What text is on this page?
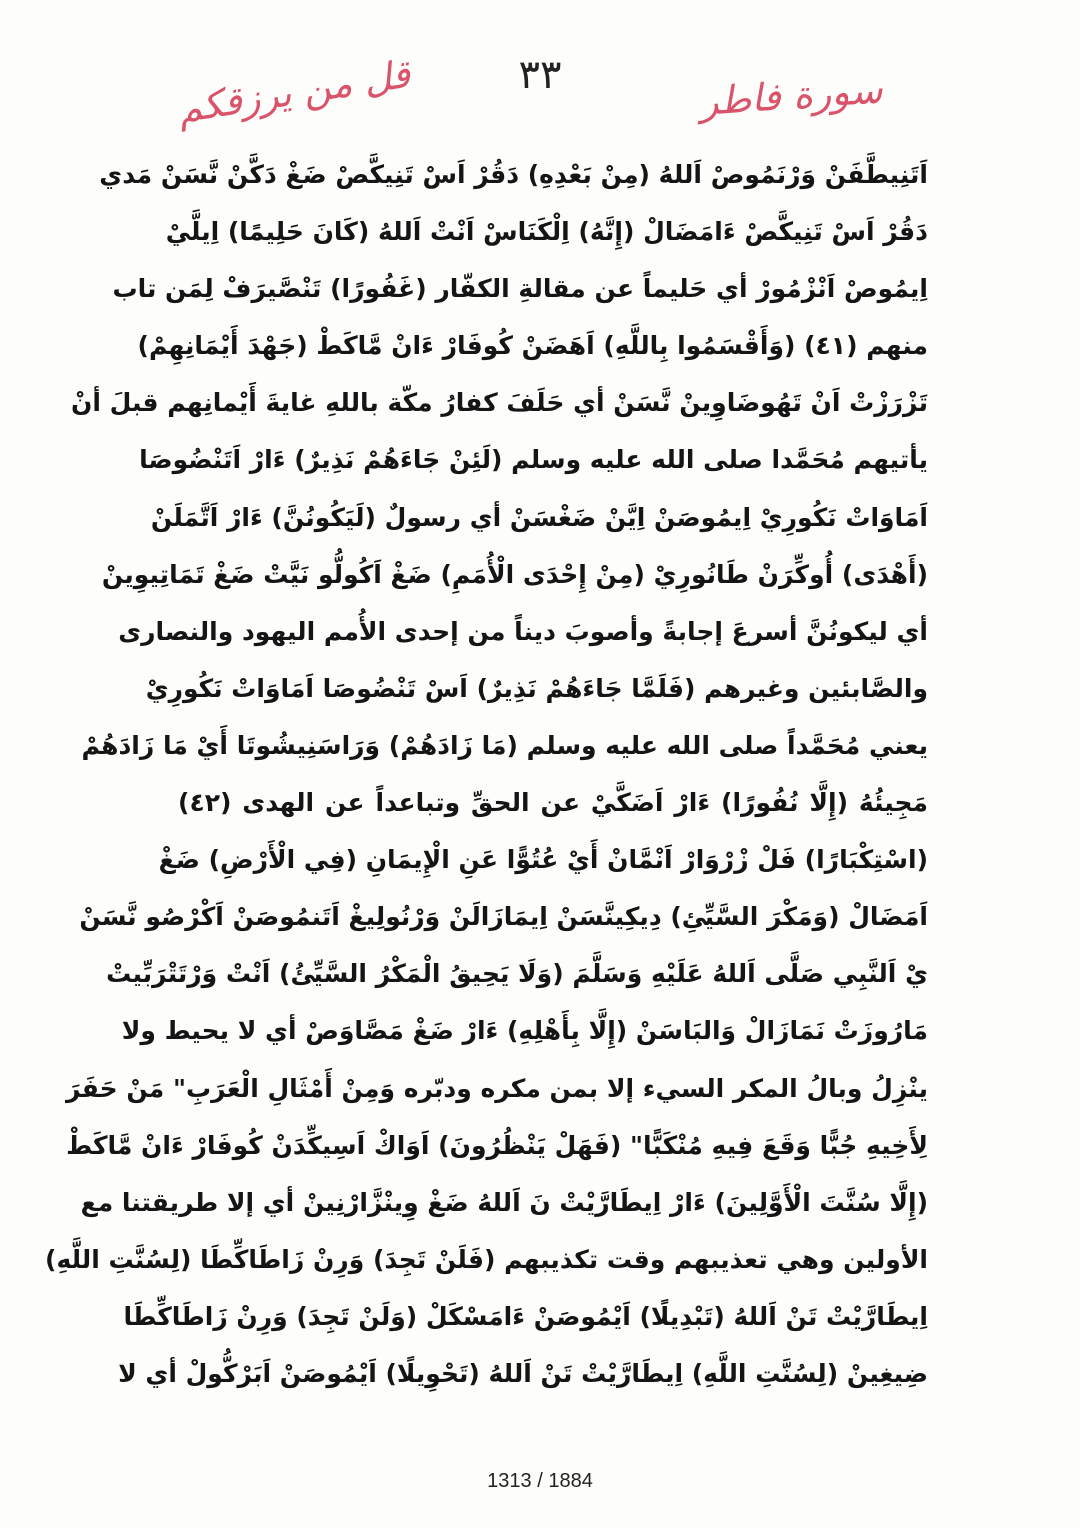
٣٣
قل من يرزقكم	سورة فاطر
اَتَنِيطَّفَنْ وَرْنَمُوصْ اَللهُ (مِنْ بَعْدِهِ) دَقُرْ اَسْ تَنِيكَّصْ ضَغْ دَكَّنْ نَّسَنْ مَدي
دَقُرْ اَسْ تَنِيكَّصْ ءَامَضَالْ (إِنَّهُ) اِلْكَنَاسْ اَنْتْ اَللهُ (كَانَ حَلِيمًا) اِيلَّيْ
اِيمُوصْ اَنْزْمُورْ أي حَليماً عن مقالةِ الكفّار (غَفُورًا) تَنْصَّيرَفْ لِمَن تاب
منهم (٤١) (وَأَقْسَمُوا بِاللَّهِ) اَهَضَنْ كُوفَارْ ءَانْ مَّاكَطْ (جَهْدَ أَيْمَانِهِمْ)
تَزْرَزْتْ اَنْ تَهُوضَاوِينْ نَّسَنْ أي حَلَفَ كفارُ مكّة باللهِ غايةَ أَيْمانِهم قبلَ أنْ
يأتيهم مُحَمَّدا صلى الله عليه وسلم (لَئِنْ جَاءَهُمْ نَذِيرٌ) ءَارْ اَتَنْضُوصَا
اَمَاوَاتْ نَكُورِيْ اِيمُوصَنْ اِيَّنْ ضَغْسَنْ أي رسولٌ (لَيَكُونُنَّ) ءَارْ اَتَّمَلَنْ
(أَهْدَى) أُوكِّرَنْ طَانُورِيْ (مِنْ إِحْدَى الْأُمَمِ) ضَغْ اَكُولُّو نَيَّتْ ضَغْ تَمَاتِيوِينْ
أي ليكونُنَّ أسرعَ إجابةً وأصوبَ ديناً من إحدى الأُمم اليهود والنصارى
والصَّابئين وغيرهم (فَلَمَّا جَاءَهُمْ نَذِيرٌ) اَسْ تَنْضُوصَا اَمَاوَاتْ نَكُورِيْ
يعني مُحَمَّداً صلى الله عليه وسلم (مَا زَادَهُمْ) وَرَاسَنِيشُوتَا أَيْ مَا زَادَهُمْ
مَجِيئُهُ (إِلَّا نُفُورًا) ءَارْ اَضَكَّيْ عن الحقِّ وتباعداً عن الهدى (٤٢)
(اسْتِكْبَارًا) فَلْ زْرْوَارْ اَنْمَّانْ أَيْ عُتُوًّا عَنِ الْإِيمَانِ (فِي الْأَرْضِ) ضَغْ
اَمَضَالْ (وَمَكْرَ السَّيِّئِ) دِيكِينَّسَنْ اِيمَازَالَنْ وَرْنُولِيغْ اَتَنمُوصَنْ اَكْرْصُو نَّسَنْ
يْ اَلنَّبِي صَلَّى اَللهُ عَلَيْهِ وَسَلَّمَ (وَلَا يَحِيقُ الْمَكْرُ السَّيِّئُ) اَنْتْ وَرْتَتْرَبِّيتْ
مَارُوزَتْ نَمَازَالْ وَالبَاسَنْ (إِلَّا بِأَهْلِهِ) ءَارْ ضَغْ مَصَّاوَصْ أي لا يحيط ولا
ينْزِلُ وبالُ المكر السيء إلا بمن مكره ودبّره وَمِنْ أَمْثَالِ الْعَرَبِ" مَنْ حَفَرَ
لِأَخِيهِ جُبًّا وَقَعَ فِيهِ مُنْكَبًّا" (فَهَلْ يَنْظُرُونَ) اَوَاكْ اَسِيكِّدَنْ كُوفَارْ ءَانْ مَّاكَطْ
(إِلَّا سُنَّتَ الْأَوَّلِينَ) ءَارْ اِيطَارَّيْتْ نَ اَللهُ ضَغْ وِينْزَّارْنِينْ أي إلا طريقتنا مع
الأولين وهي تعذيبهم وقت تكذيبهم (فَلَنْ تَجِدَ) وَرِنْ زَاطَاكِّطَا (لِسُنَّتِ اللَّهِ)
اِيطَارَّيْتْ تَنْ اَللهُ (تَبْدِيلًا) اَيْمُوصَنْ ءَامَسْكَلْ (وَلَنْ تَجِدَ) وَرِنْ زَاطَاكِّطَا
ضِيغِينْ (لِسُنَّتِ اللَّهِ) اِيطَارَّيْتْ تَنْ اَللهُ (تَحْوِيلًا) اَيْمُوصَنْ اَبَرْكُّولْ أي لا
1313 / 1884
